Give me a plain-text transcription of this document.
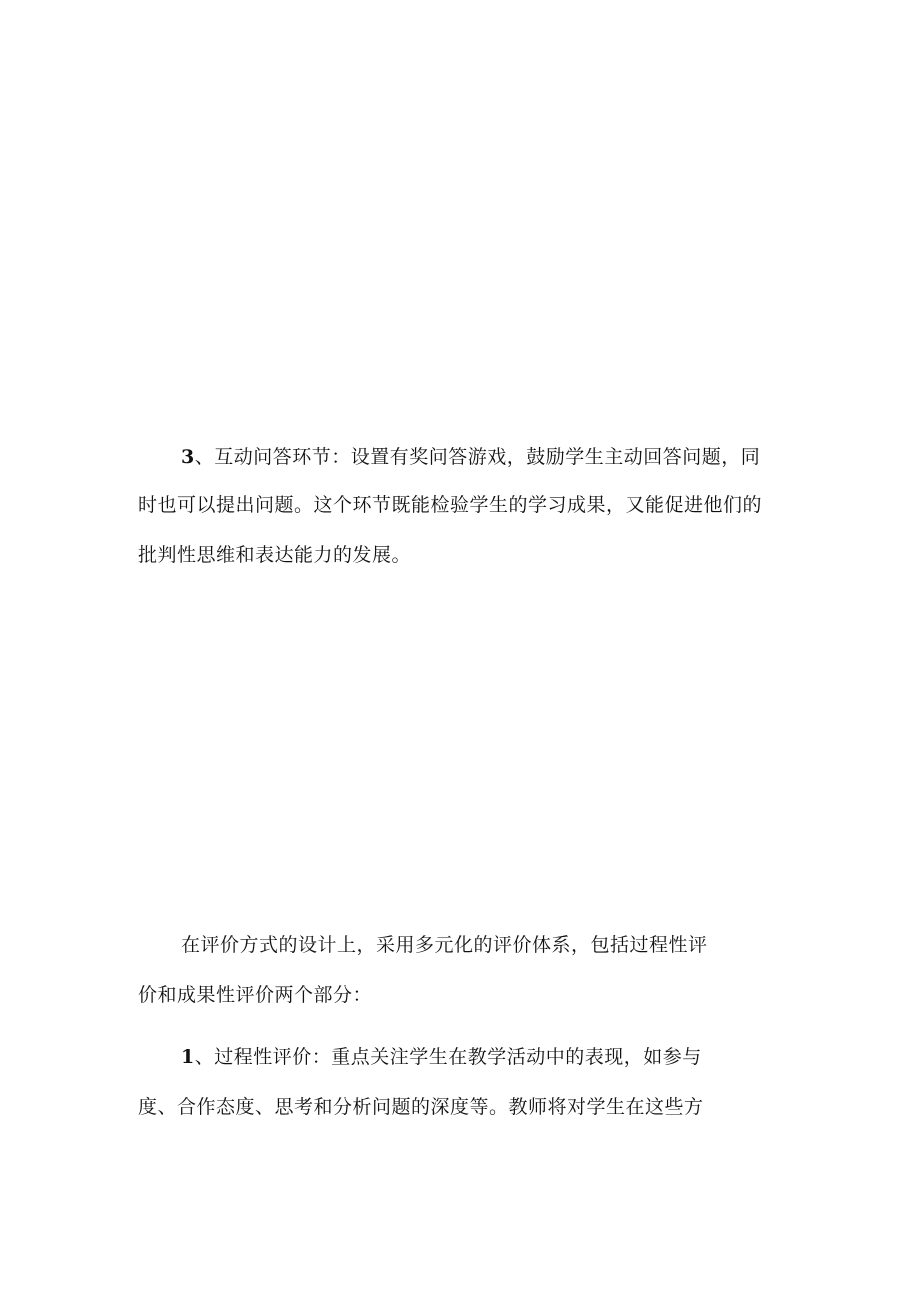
3、互动问答环节：设置有奖问答游戏，鼓励学生主动回答问题，同
时也可以提出问题。这个环节既能检验学生的学习成果，又能促进他们的
批判性思维和表达能力的发展。
在评价方式的设计上，采用多元化的评价体系，包括过程性评
价和成果性评价两个部分：
1、过程性评价：重点关注学生在教学活动中的表现，如参与
度、合作态度、思考和分析问题的深度等。教师将对学生在这些方
